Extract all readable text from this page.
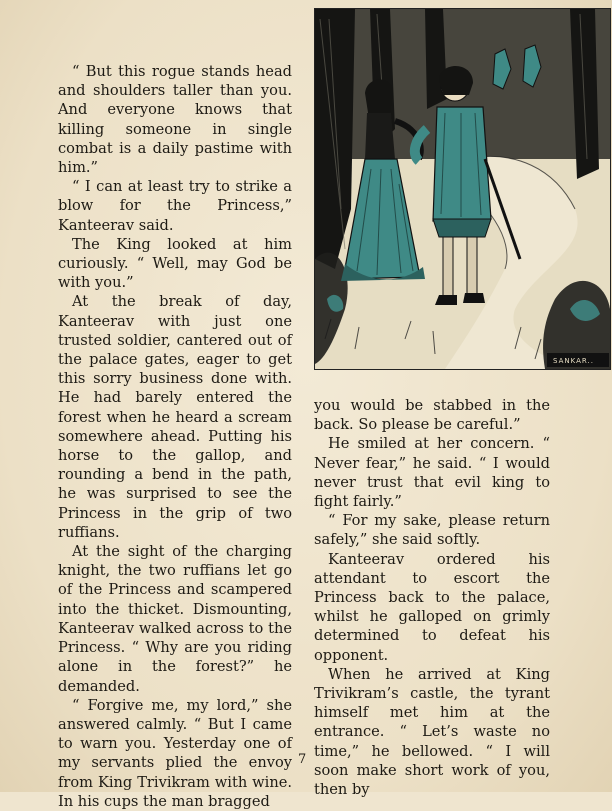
“ But this rogue stands head and shoulders taller than you. And everyone knows that killing someone in single combat is a daily pastime with him.”

“ I can at least try to strike a blow for the Princess,” Kanteerav said.

The King looked at him curiously. “ Well, may God be with you.”

At the break of day, Kanteerav with just one trusted soldier, cantered out of the palace gates, eager to get this sorry business done with. He had barely entered the forest when he heard a scream somewhere ahead. Putting his horse to the gallop, and rounding a bend in the path, he was surprised to see the Princess in the grip of two ruffians.

At the sight of the charging knight, the two ruffians let go of the Princess and scampered into the thicket. Dismounting, Kanteerav walked across to the Princess. “ Why are you riding alone in the forest?” he demanded.

“ Forgive me, my lord,” she answered calmly. “ But I came to warn you. Yesterday one of my servants plied the envoy from King Trivikram with wine. In his cups the man bragged

SANKAR..

you would be stabbed in the back. So please be careful.”

He smiled at her concern. “ Never fear,” he said. “ I would never trust that evil king to fight fairly.”

“ For my sake, please return safely,” she said softly.

Kanteerav ordered his attendant to escort the Princess back to the palace, whilst he galloped on grimly determined to defeat his opponent.

When he arrived at King Trivikram’s castle, the tyrant himself met him at the entrance. “ Let’s waste no time,” he bellowed. “ I will soon make short work of you, then by

7
